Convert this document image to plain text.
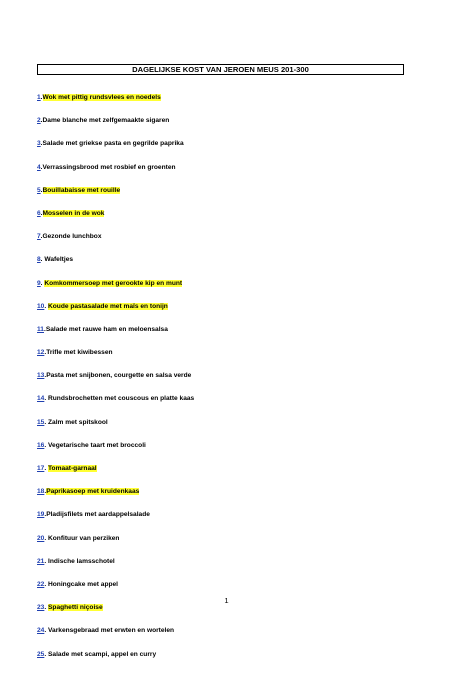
DAGELIJKSE KOST VAN JEROEN MEUS 201-300
1.Wok met pittig rundsvlees en noedels
2.Dame blanche met zelfgemaakte sigaren
3.Salade met griekse pasta en gegrilde paprika
4.Verrassingsbrood met rosbief en groenten
5.Bouillabaisse met rouille
6.Mosselen in de wok
7.Gezonde lunchbox
8. Wafeltjes
9. Komkommersoep met gerookte kip en munt
10. Koude pastasalade met maïs en tonijn
11.Salade met rauwe ham en meloensalsa
12.Trifle met kiwibessen
13.Pasta met snijbonen, courgette en salsa verde
14. Rundsbrochetten met couscous en platte kaas
15. Zalm met spitskool
16. Vegetarische taart met broccoli
17. Tomaat-garnaal
18 Paprikasoep met kruidenkaas
19.Pladijsfilets met aardappelsalade
20. Konfituur van perziken
21. Indische lamsschotel
22. Honingcake met appel
23. Spaghetti niçoise
24. Varkensgebraad met erwten en wortelen
25. Salade met scampi, appel en curry
1
